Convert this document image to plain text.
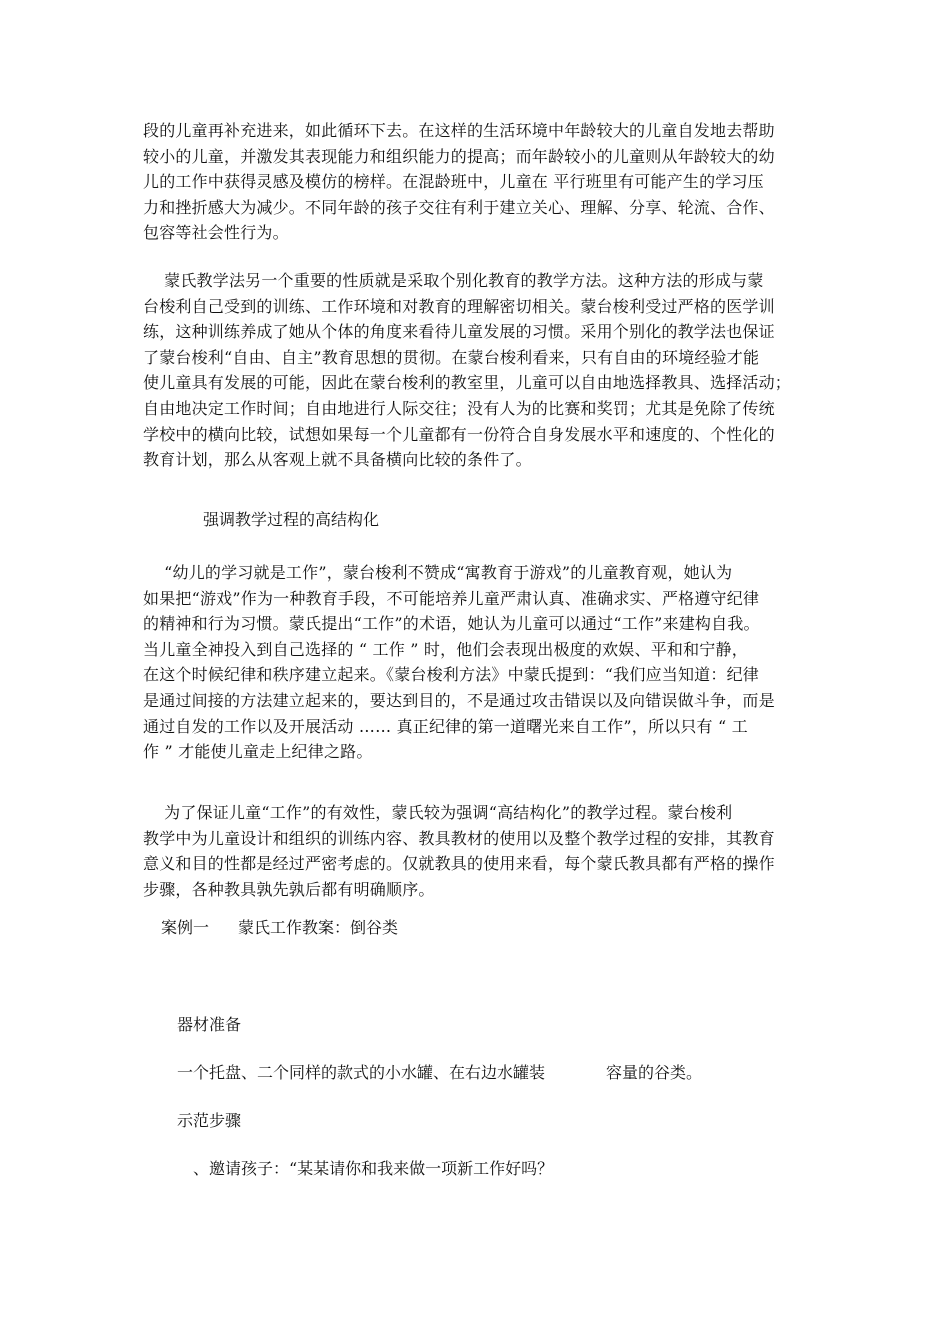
段的儿童再补充进来，如此循环下去。在这样的生活环境中年龄较大的儿童自发地去帮助
较小的儿童，并激发其表现能力和组织能力的提高；而年龄较小的儿童则从年龄较大的幼
儿的工作中获得灵感及模仿的榜样。在混龄班中，儿童在 平行班里有可能产生的学习压
力和挫折感大为减少。不同年龄的孩子交往有利于建立关心、理解、分享、轮流、合作、
包容等社会性行为。
蒙氏教学法另一个重要的性质就是采取个别化教育的教学方法。这种方法的形成与蒙
台梭利自己受到的训练、工作环境和对教育的理解密切相关。蒙台梭利受过严格的医学训
练，这种训练养成了她从个体的角度来看待儿童发展的习惯。采用个别化的教学法也保证
了蒙台梭利“自由、自主”教育思想的贯彻。在蒙台梭利看来，只有自由的环境经验才能
使儿童具有发展的可能，因此在蒙台梭利的教室里，儿童可以自由地选择教具、选择活动；
自由地决定工作时间；自由地进行人际交往；没有人为的比赛和奖罚；尤其是免除了传统
学校中的横向比较，试想如果每一个儿童都有一份符合自身发展水平和速度的、个性化的
教育计划，那么从客观上就不具备横向比较的条件了。

强调教学过程的高结构化

“幼儿的学习就是工作”，蒙台梭利不赞成“寓教育于游戏”的儿童教育观，她认为
如果把“游戏”作为一种教育手段，不可能培养儿童严肃认真、准确求实、严格遵守纪律
的精神和行为习惯。蒙氏提出“工作”的术语，她认为儿童可以通过“工作”来建构自我。
当儿童全神投入到自己选择的 “ 工作 ” 时，他们会表现出极度的欢娱、平和和宁静，
在这个时候纪律和秩序建立起来。《蒙台梭利方法》中蒙氏提到：“我们应当知道：纪律
是通过间接的方法建立起来的，要达到目的，不是通过攻击错误以及向错误做斗争，而是
通过自发的工作以及开展活动 …… 真正纪律的第一道曙光来自工作”，所以只有 “ 工
作 ” 才能使儿童走上纪律之路。
为了保证儿童“工作”的有效性，蒙氏较为强调“高结构化”的教学过程。蒙台梭利
教学中为儿童设计和组织的训练内容、教具教材的使用以及整个教学过程的安排，其教育
意义和目的性都是经过严密考虑的。仅就教具的使用来看，每个蒙氏教具都有严格的操作
步骤，各种教具孰先孰后都有明确顺序。

案例一 蒙氏工作教案：倒谷类

器材准备

一个托盘、二个同样的款式的小水罐、在右边水罐装	容量的谷类。

示范步骤

、邀请孩子：“某某请你和我来做一项新工作好吗？
